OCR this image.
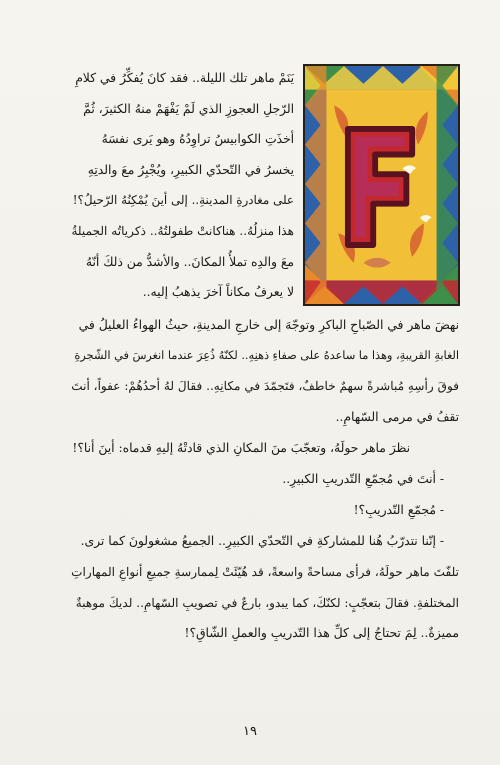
يَنَمْ ماهر تلك الليلة.. فقد كانَ يُفكِّرُ في كلامِ
الرّجلِ العجوزِ الذي لَمْ يَفْهَمْ منهُ الكثيرَ، ثُمَّ
أخذَتِ الكوابيسُ تراوِدُهُ وهو يَرى نفسَهُ
يخسرُ في التّحدّي الكبيرِ، ويُجْبِرُ معَ والدتِهِ
على مغادرةِ المدينةِ.. إلى أينَ يُمْكِنُهُ الرّحيلُ؟!
هذا منزلُهُ.. هناكانتْ طفولتُهُ.. ذكرياتُه الجميلةُ
معَ والدِه تملأُ المكانَ.. والأشدُّ من ذلكَ أنّهُ
لا يعرفُ مكاناً آخرَ يذهبُ إليه..

نهضَ ماهر في الصّباحِ الباكرِ وتوجّهَ إلى خارجِ المدينةِ، حيثُ الهواءُ العليلُ في
الغابةِ القريبةِ، وهذا ما ساعدهُ على صفاءِ ذهنِهِ.. لكنّهُ ذُعِرَ عندما انغرسَ في الشّجرةِ
فوقَ رأسِهِ مُباشرةً سهمٌ خاطفٌ، فتَجمّدَ في مكانِهِ.. فقالَ لهُ أحدُهُمْ: عفواً، أنتَ
تقفُ في مرمى السّهامِ..

نظرَ ماهر حولَهُ، وتعجّبَ منَ المكانِ الذي قادتْهُ إليهِ قدماه: أينَ أنا؟!

- أنتَ في مُجمّعِ التّدريبِ الكبيرِ..

- مُجمّعِ التّدريبِ؟!

- إنّنا نتدرّبُ هُنا للمشاركةِ في التّحدّي الكبيرِ.. الجميعُ مشغولونَ كما ترى.

تلفّتَ ماهر حولَهُ، فرأى مساحةً واسعةً، قد هُيّئَتْ لِممارسةِ جميعِ أنواعِ المهاراتِ
المختلفةِ. فقالَ بتعجّبٍ: لكنّكَ، كما يبدو، بارعٌ في تصويبِ السّهامِ.. لديكَ موهبةٌ
مميزةٌ.. لِمَ تحتاجُ إلى كلِّ هذا التّدريبِ والعملِ الشّاقِ؟!

١٩
